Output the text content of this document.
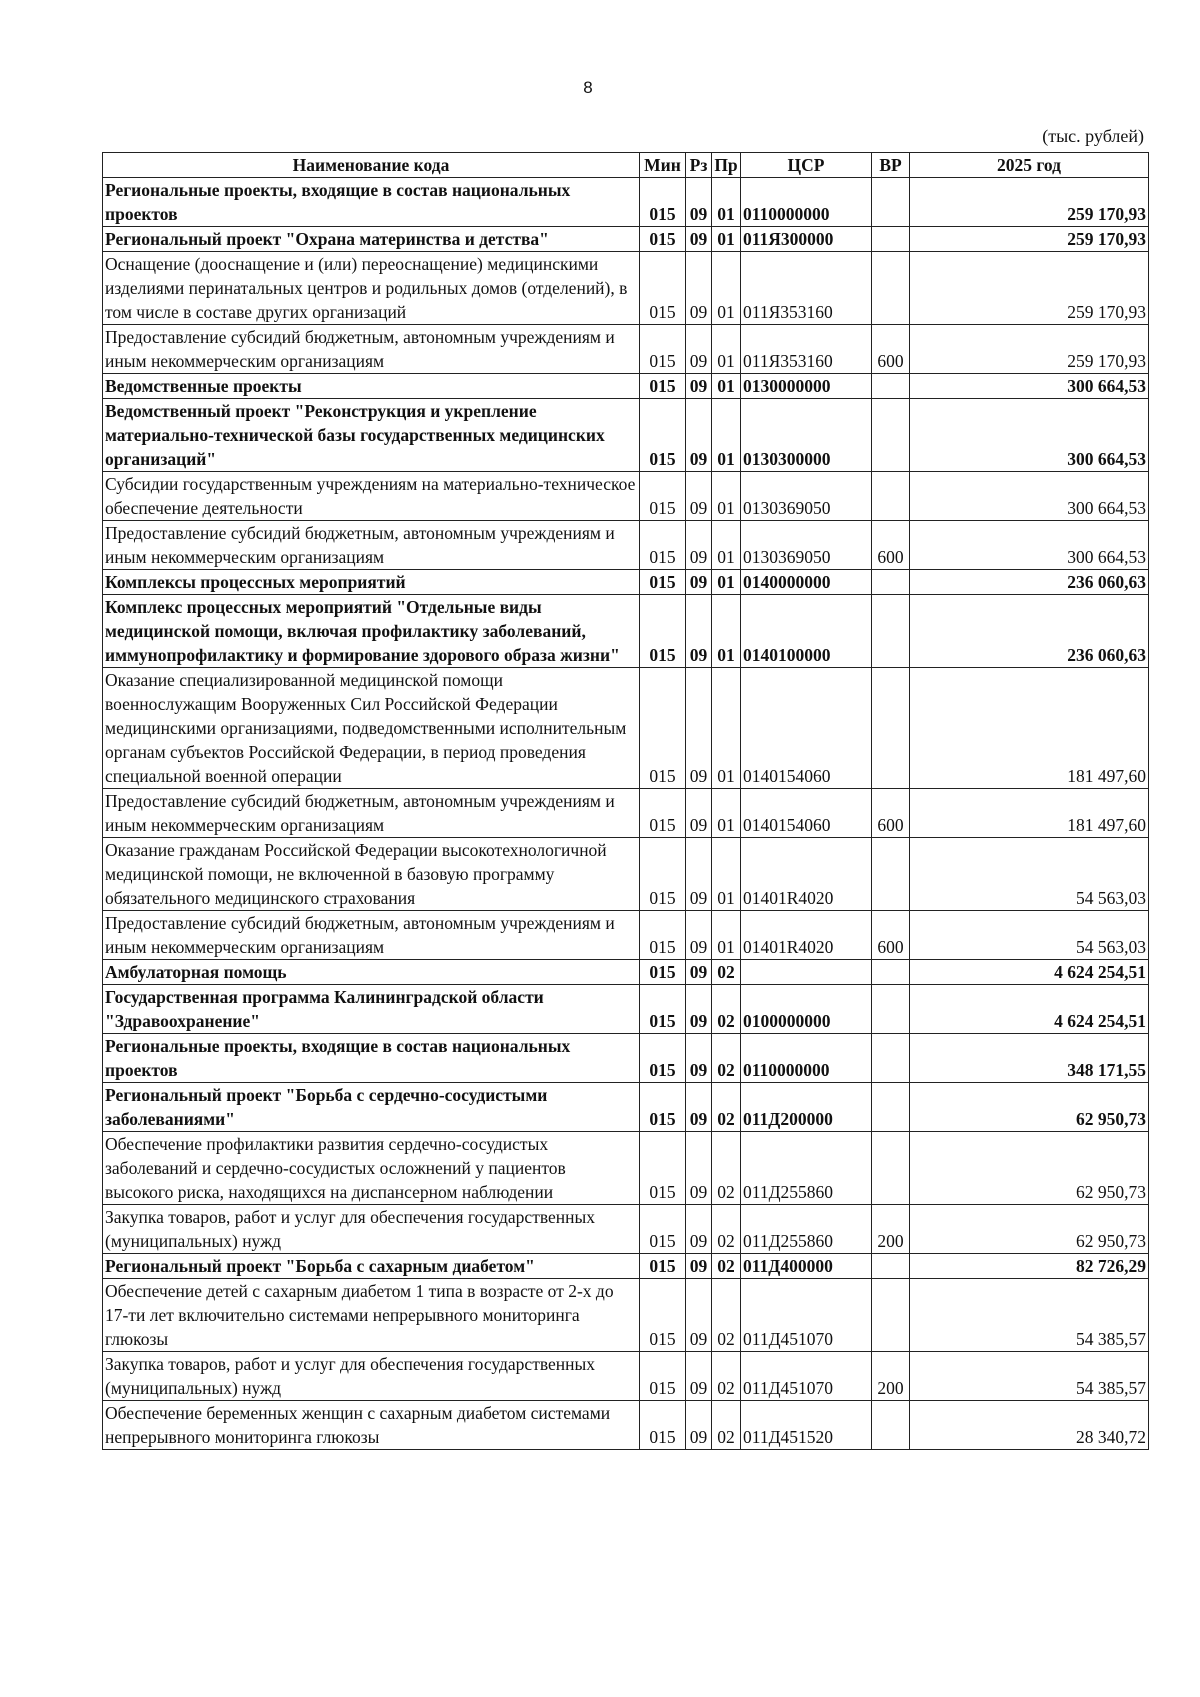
8
(тыс. рублей)
Наименование кода	Мин	Рз	Пр	ЦСР	ВР	2025 год
Региональные проекты, входящие в состав национальных проектов	015	09	01	0110000000		259 170,93
Региональный проект "Охрана материнства и детства"	015	09	01	011Я300000		259 170,93
Оснащение (дооснащение и (или) переоснащение) медицинскими изделиями перинатальных центров и родильных домов (отделений), в том числе в составе других организаций	015	09	01	011Я353160		259 170,93
Предоставление субсидий бюджетным, автономным учреждениям и иным некоммерческим организациям	015	09	01	011Я353160	600	259 170,93
Ведомственные проекты	015	09	01	0130000000		300 664,53
Ведомственный проект "Реконструкция и укрепление материально-технической базы государственных медицинских организаций"	015	09	01	0130300000		300 664,53
Субсидии государственным учреждениям на материально-техническое обеспечение деятельности	015	09	01	0130369050		300 664,53
Предоставление субсидий бюджетным, автономным учреждениям и иным некоммерческим организациям	015	09	01	0130369050	600	300 664,53
Комплексы процессных мероприятий	015	09	01	0140000000		236 060,63
Комплекс процессных мероприятий "Отдельные виды медицинской помощи, включая профилактику заболеваний, иммунопрофилактику и формирование здорового образа жизни"	015	09	01	0140100000		236 060,63
Оказание специализированной медицинской помощи военнослужащим Вооруженных Сил Российской Федерации медицинскими организациями, подведомственными исполнительным органам субъектов Российской Федерации, в период проведения специальной военной операции	015	09	01	0140154060		181 497,60
Предоставление субсидий бюджетным, автономным учреждениям и иным некоммерческим организациям	015	09	01	0140154060	600	181 497,60
Оказание гражданам Российской Федерации высокотехнологичной медицинской помощи, не включенной в базовую программу обязательного медицинского страхования	015	09	01	01401R4020		54 563,03
Предоставление субсидий бюджетным, автономным учреждениям и иным некоммерческим организациям	015	09	01	01401R4020	600	54 563,03
Амбулаторная помощь	015	09	02			4 624 254,51
Государственная программа Калининградской области "Здравоохранение"	015	09	02	0100000000		4 624 254,51
Региональные проекты, входящие в состав национальных проектов	015	09	02	0110000000		348 171,55
Региональный проект "Борьба с сердечно-сосудистыми заболеваниями"	015	09	02	011Д200000		62 950,73
Обеспечение профилактики развития сердечно-сосудистых заболеваний и сердечно-сосудистых осложнений у пациентов высокого риска, находящихся на диспансерном наблюдении	015	09	02	011Д255860		62 950,73
Закупка товаров, работ и услуг для обеспечения государственных (муниципальных) нужд	015	09	02	011Д255860	200	62 950,73
Региональный проект "Борьба с сахарным диабетом"	015	09	02	011Д400000		82 726,29
Обеспечение детей с сахарным диабетом 1 типа в возрасте от 2-х до 17-ти лет включительно системами непрерывного мониторинга глюкозы	015	09	02	011Д451070		54 385,57
Закупка товаров, работ и услуг для обеспечения государственных (муниципальных) нужд	015	09	02	011Д451070	200	54 385,57
Обеспечение беременных женщин с сахарным диабетом системами непрерывного мониторинга глюкозы	015	09	02	011Д451520		28 340,72
